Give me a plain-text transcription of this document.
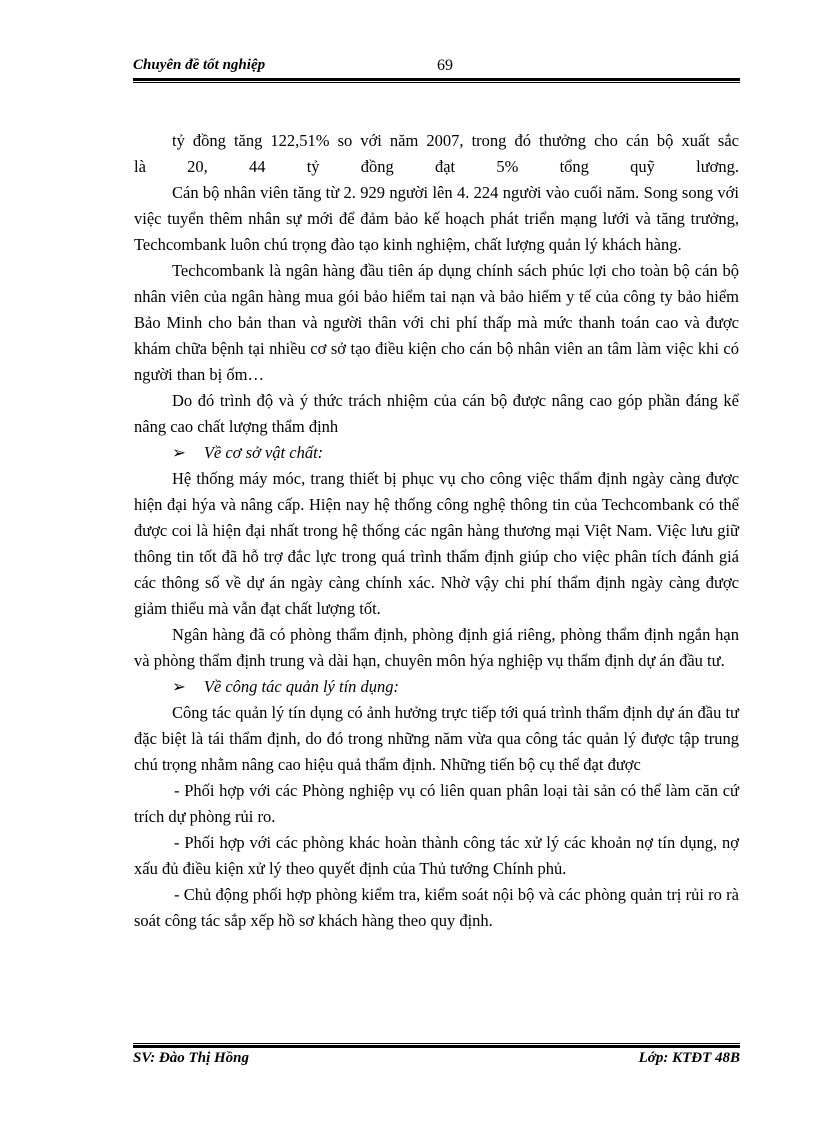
Chuyên đề tốt nghiệp	69

tỷ đồng tăng 122,51% so với năm 2007, trong đó thưởng cho cán bộ xuất sắc

là 20, 44 tỷ đồng đạt 5% tổng quỹ lương.

Cán bộ nhân viên tăng từ 2. 929 người lên 4. 224 người vào cuối năm. Song song với việc tuyển thêm nhân sự mới để đảm bảo kế hoạch phát triển mạng lưới và tăng trưởng, Techcombank luôn chú trọng đào tạo kinh nghiệm, chất lượng quản lý khách hàng.

Techcombank là ngân hàng đầu tiên áp dụng chính sách phúc lợi cho toàn bộ cán bộ nhân viên của ngân hàng mua gói bảo hiểm tai nạn và bảo hiểm y tế của công ty bảo hiểm Bảo Minh cho bản than và người thân với chi phí thấp mà mức thanh toán cao và được khám chữa bệnh tại nhiều cơ sở tạo điều kiện cho cán bộ nhân viên an tâm làm việc khi có người than bị ốm…

Do đó trình độ và ý thức trách nhiệm của cán bộ được nâng cao góp phần đáng kể nâng cao chất lượng thẩm định

➢ Về cơ sở vật chất:

Hệ thống máy móc, trang thiết bị phục vụ cho công việc thẩm định ngày càng được hiện đại hýa và nâng cấp. Hiện nay hệ thống công nghệ thông tin của Techcombank có thể được coi là hiện đại nhất trong hệ thống các ngân hàng thương mại Việt Nam. Việc lưu giữ thông tin tốt đã hỗ trợ đắc lực trong quá trình thẩm định giúp cho việc phân tích đánh giá các thông số về dự án ngày càng chính xác. Nhờ vậy chi phí thẩm định ngày càng được giảm thiểu mà vẫn đạt chất lượng tốt.

Ngân hàng đã có phòng thẩm định, phòng định giá riêng, phòng thẩm định ngắn hạn và phòng thẩm định trung và dài hạn, chuyên môn hýa nghiệp vụ thẩm định dự án đầu tư.

➢ Về công tác quản lý tín dụng:

Công tác quản lý tín dụng có ảnh hưởng trực tiếp tới quá trình thẩm định dự án đầu tư đặc biệt là tái thẩm định, do đó trong những năm vừa qua công tác quản lý được tập trung chú trọng nhằm nâng cao hiệu quả thẩm định. Những tiến bộ cụ thể đạt được

- Phối hợp với các Phòng nghiệp vụ có liên quan phân loại tài sản có thể làm căn cứ trích dự phòng rủi ro.

- Phối hợp với các phòng khác hoàn thành công tác xử lý các khoản nợ tín dụng, nợ xấu đủ điều kiện xử lý theo quyết định của Thủ tướng Chính phủ.

- Chủ động phối hợp phòng kiểm tra, kiểm soát nội bộ và các phòng quản trị rủi ro rà soát công tác sắp xếp hồ sơ khách hàng theo quy định.

SV: Đào Thị Hồng	Lớp: KTĐT 48B
